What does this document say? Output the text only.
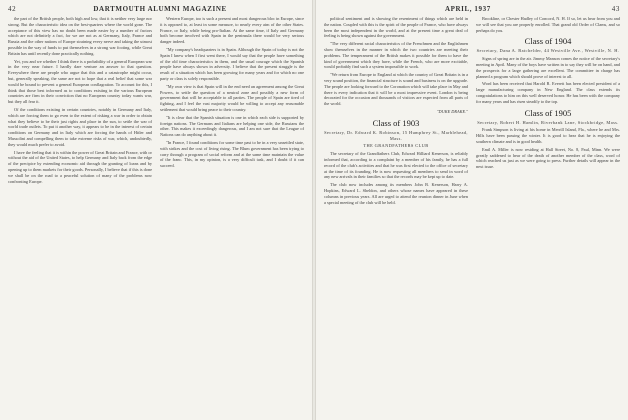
42	DARTMOUTH ALUMNI MAGAZINE

the part of the British people, both high and low, that it is neither very large nor strong. But the characteristic idea on the best-quarters where the world gone. The acceptance of this view has no doubt been made easier by a number of factors which are not definitely a fact, for we are not as at Germany, Italy, France and Russia and the other nations of Europe straining every nerve and taking the utmost possible in the way of funds to put themselves in a strong war footing, while Great Britain has until recently done practically nothing.

Yet, you and we whether I think there is a probability of a general European war in the very near future. I hardly dare venture an answer to that question. Everywhere there are people who argue that this and a catastrophe might occur, but, generally speaking, the same are not to hope that a real belief that some war would be bound to prevent a general European conflagration. To account for this, I think that those best informed as to conditions existing in the various European countries are firm in their conviction that no European country today wants war, but they all fear it.

Of the conditions existing in certain countries, notably in Germany and Italy, which are forcing them to go even to the extent of risking a war in order to obtain what they believe to be their just rights and place in the sun, to settle the war of world trade outlets. To put it another way, it appears to be in the interest of certain conditions on Germany and in Italy which are forcing the hands of Hitler and Mussolini and compelling them to take extreme risks of war, which, undoubtedly, they would much prefer to avoid.

I have the feeling that it is within the power of Great Britain and France, with or without the aid of the United States, to help Germany and Italy back from the edge of the precipice by extending economic aid through the granting of loans and by opening up to them markets for their goods. Personally, I believe that if this is done we shall be on the road to a peaceful solution of many of the problems now confronting Europe.

Western Europe, too is such a present and most dangerous bloc in Europe, since it is opposed to, at least in some measure, to nearly every aim of the other States. France, or Italy, while being pro-Italian. At the same time, if Italy and Germany both become involved with Spain in the peninsula there would be very serious danger indeed.

"My company's headquarters is in Spain. Although the Spain of today is not the Spain I knew when I first went there, I would say that the people have something of the old time characteristics in them, and the usual courage which the Spanish people have always shown in adversity. I believe that the present struggle is the result of a situation which has been growing for many years and for which no one party or class is solely responsible.

"My own view is that Spain will in the end need an agreement among the Great Powers, to settle the question of a neutral zone and possibly a new form of government that will be acceptable to all parties. The people of Spain are tired of fighting, and I feel the vast majority would be willing to accept any reasonable settlement that would bring peace to their country.

"It is clear that the Spanish situation is one in which each side is supported by foreign nations. The Germans and Italians are helping one side, the Russians the other. This makes it exceedingly dangerous, and I am not sure that the League of Nations can do anything about it.

"In France, I found conditions for some time past to be in a very unsettled state, with strikes and the cost of living rising. The Blum government has been trying to carry through a program of social reform and at the same time maintain the value of the franc. This, in my opinion, is a very difficult task, and I doubt if it can succeed.

APRIL, 1937	43

political sentiment and is showing the resentment of things which are held in the nation. Coupled with this is the spirit of the people of France, who have always been the most independent in the world, and at the present time a great deal of feeling is being shown against the government.

"The very different racial characteristics of the Frenchmen and the Englishmen show themselves in the manner in which the two countries are meeting their problems. The temperament of the British makes it possible for them to have the kind of government which they have, while the French, who are more excitable, would probably find such a system impossible to work.

"We return from Europe to England at which the country of Great Britain is in a very sound position, the financial structure is sound and business is on the upgrade. The people are looking forward to the Coronation which will take place in May and there is every indication that it will be a most impressive event. London is being decorated for the occasion and thousands of visitors are expected from all parts of the world.

"DUKE DRAKE."
Class of 1903
Secretary, Dr. Edward K. Robinson, 15 Humphrey St., Marblehead, Mass.
THE GRANDFATHERS CLUB

The secretary of the Grandfathers Club, Edward Hilliard Kenerson, is reliably informed that, according to a complaint by a member of his family, he has a full record of the club's activities and that he was first elected to the office of secretary at the time of its founding. He is now requesting all members to send in word of any new arrivals in their families so that the records may be kept up to date.

The club now includes among its members John B. Kenerson, Harry A. Hopkins, Edward L. Sheldon, and others whose names have appeared in these columns in previous years. All are urged to attend the reunion dinner in June when a special meeting of the club will be held.

Brookline, or Chester Hadley of Concord, N. H. If so, let us hear from you and we will see that you are properly enrolled. That grand old Order of Clams, and so perhaps do you.

Class of 1904
Secretary, Dana A. Batchelder, 44 Westville Ave., Westville, N. H.

Signs of spring are in the air. Jimmy Manson comes the notice of the secretary's meeting in April. Many of the boys have written in to say they will be on hand, and the prospects for a large gathering are excellent. The committee in charge has planned a program which should prove of interest to all.

Word has been received that Harold R. Everett has been elected president of a large manufacturing company in New England. The class extends its congratulations to him on this well deserved honor. He has been with the company for many years and has risen steadily to the top.

Class of 1905
Secretary, Robert H. Hamlin, Riverbank Lane, Stockbridge, Mass.

Frank Simpson is living at his home in Merrill Island, Fla., where he and Mrs. Hills have been passing the winter. It is good to hear that he is enjoying the southern climate and is in good health.

Emil A. Miller is now residing at Hall Street, No. 8, Paul, Minn. We were greatly saddened to hear of the death of another member of the class, word of which reached us just as we were going to press. Further details will appear in the next issue.
